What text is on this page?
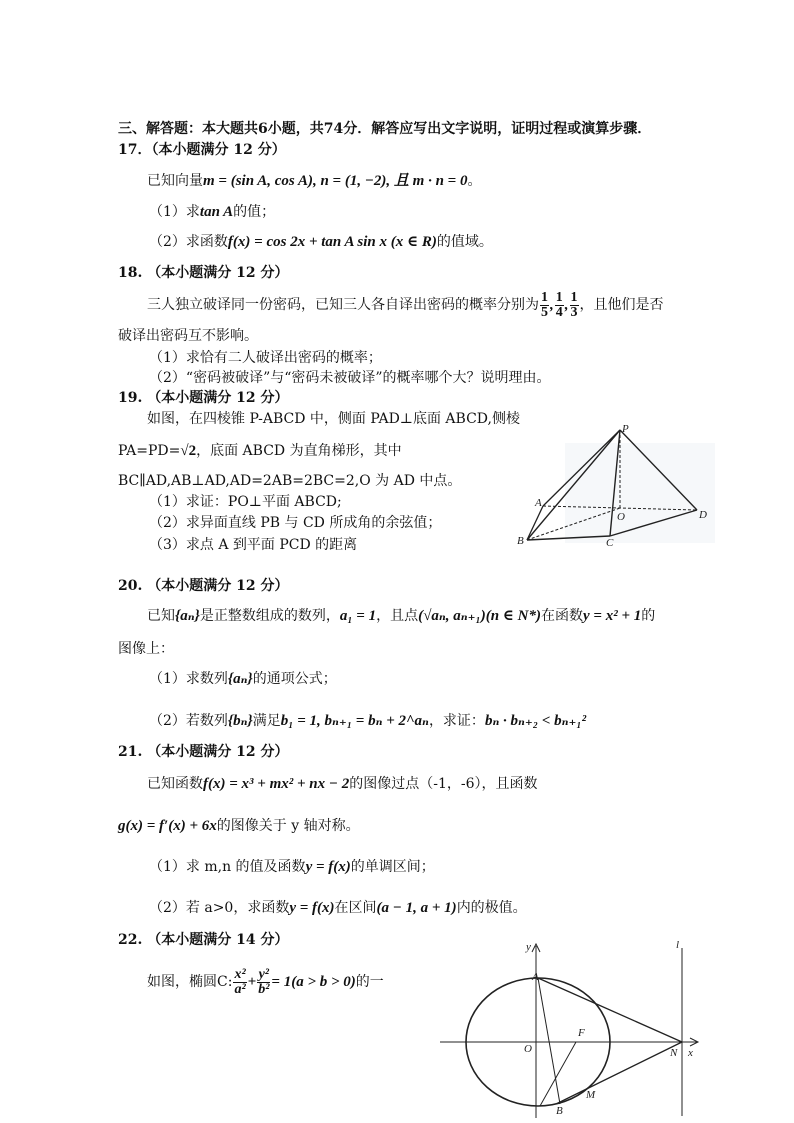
三、解答题：本大题共6小题，共74分．解答应写出文字说明，证明过程或演算步骤．
17．（本小题满分 12 分）
已知向量m = (sin A, cos A), n = (1, −2), 且 m · n = 0。
（1）求tan A的值；
（2）求函数f(x) = cos 2x + tan A sin x (x ∈ R)的值域。
18. （本小题满分 12 分）
三人独立破译同一份密码，已知三人各自译出密码的概率分别为 $\frac{1}{5}$ , $\frac{1}{4}$ , $\frac{1}{3}$ ，且他们是否
破译出密码互不影响。
（1）求恰有二人破译出密码的概率；
（2）“密码被破译”与“密码未被破译”的概率哪个大？说明理由。
19. （本小题满分 12 分）
如图，在四棱锥 P-ABCD 中，侧面 PAD⊥底面 ABCD,侧棱
PA=PD=√2，底面 ABCD 为直角梯形，其中
BC∥AD,AB⊥AD,AD=2AB=2BC=2,O 为 AD 中点。
（1）求证：PO⊥平面 ABCD;
（2）求异面直线 PB 与 CD 所成角的余弦值；
（3）求点 A 到平面 PCD 的距离
P
A
O	D
B	C
20. （本小题满分 12 分）
已知{aₙ}是正整数组成的数列，a₁ = 1，且点(√aₙ, aₙ₊₁)(n ∈ N*)在函数y = x² + 1的
图像上：
（1）求数列{aₙ}的通项公式；
（2）若数列{bₙ}满足b₁ = 1, bₙ₊₁ = bₙ + 2^aₙ，求证：bₙ · bₙ₊₂ < bₙ₊₁²
21. （本小题满分 12 分）
已知函数f(x) = x³ + mx² + nx − 2的图像过点（-1，-6），且函数
g(x) = f′(x) + 6x的图像关于 y 轴对称。
（1）求 m,n 的值及函数y = f(x)的单调区间；
（2）若 a>0，求函数y = f(x)在区间(a − 1, a + 1)内的极值。
22. （本小题满分 14 分）
如图，椭圆C: $\frac{\text{x²}}{\text{a²}} + \frac{\text{y²}}{\text{b²}} = 1(a > b > 0)$的一
y
A
F
O	N x
B
M
l
